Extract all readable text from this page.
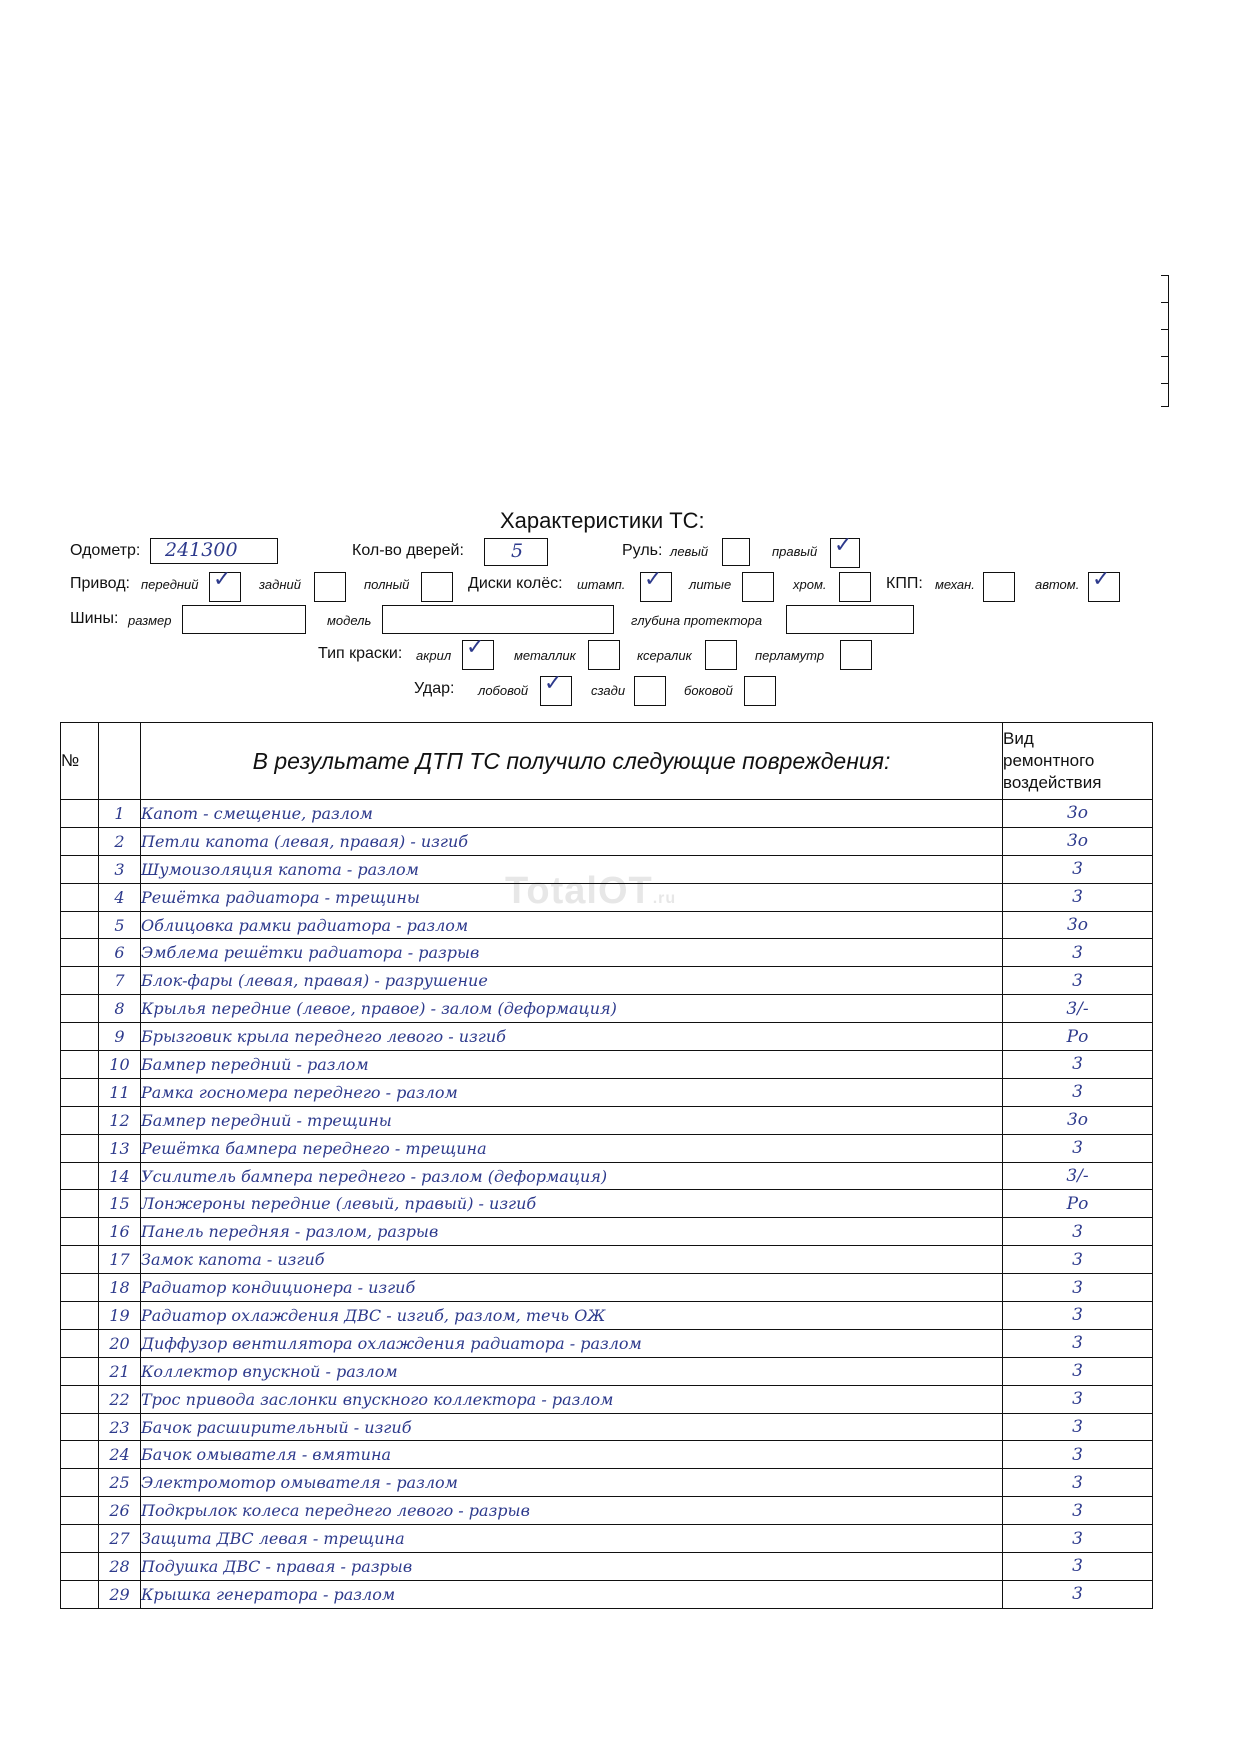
Характеристики ТС:
Одометр: 241300	Кол-во дверей: 5	Руль: левый	правый ✓
Привод: передний ✓ задний	полный	Диски колёс: штамп. ✓ литые	хром.	КПП: механ.	автом. ✓
Шины: размер	модель	глубина протектора
Тип краски: акрил ✓ металлик	ксералик	перламутр
Удар: лобовой ✓ сзади	боковой
TotalOT.ru
№		В результате ДТП ТС получило следующие повреждения:	Вид
ремонтного
воздействия

	1	Капот - смещение, разлом	3о
	2	Петли капота (левая, правая) - изгиб	3о
	3	Шумоизоляция капота - разлом	3
	4	Решётка радиатора - трещины	3
	5	Облицовка рамки радиатора - разлом	3о
	6	Эмблема решётки радиатора - разрыв	3
	7	Блок-фары (левая, правая) - разрушение	3
	8	Крылья передние (левое, правое) - залом (деформация)	3/-
	9	Брызговик крыла переднего левого - изгиб	Ро
	10	Бампер передний - разлом	3
	11	Рамка госномера переднего - разлом	3
	12	Бампер передний - трещины	3о
	13	Решётка бампера переднего - трещина	3
	14	Усилитель бампера переднего - разлом (деформация)	3/-
	15	Лонжероны передние (левый, правый) - изгиб	Ро
	16	Панель передняя - разлом, разрыв	3
	17	Замок капота - изгиб	3
	18	Радиатор кондиционера - изгиб	3
	19	Радиатор охлаждения ДВС - изгиб, разлом, течь ОЖ	3
	20	Диффузор вентилятора охлаждения радиатора - разлом	3
	21	Коллектор впускной - разлом	3
	22	Трос привода заслонки впускного коллектора - разлом	3
	23	Бачок расширительный - изгиб	3
	24	Бачок омывателя - вмятина	3
	25	Электромотор омывателя - разлом	3
	26	Подкрылок колеса переднего левого - разрыв	3
	27	Защита ДВС левая - трещина	3
	28	Подушка ДВС - правая - разрыв	3
	29	Крышка генератора - разлом	3
